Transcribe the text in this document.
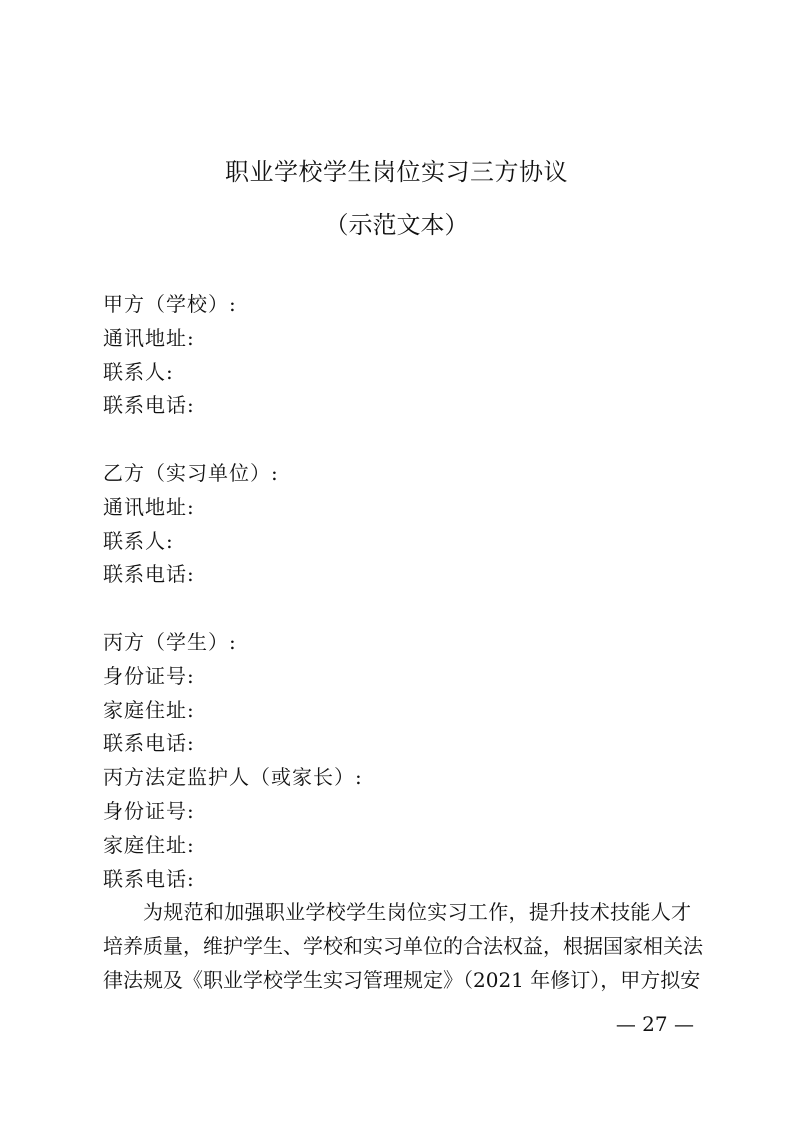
职业学校学生岗位实习三方协议
（示范文本）
甲方（学校）:
通讯地址:
联系人:
联系电话:
乙方（实习单位）:
通讯地址:
联系人:
联系电话:
丙方（学生）:
身份证号:
家庭住址:
联系电话:
丙方法定监护人（或家长）:
身份证号:
家庭住址:
联系电话:
为规范和加强职业学校学生岗位实习工作，提升技术技能人才
培养质量，维护学生、学校和实习单位的合法权益，根据国家相关法
律法规及《职业学校学生实习管理规定》（2021 年修订），甲方拟安
— 27 —
